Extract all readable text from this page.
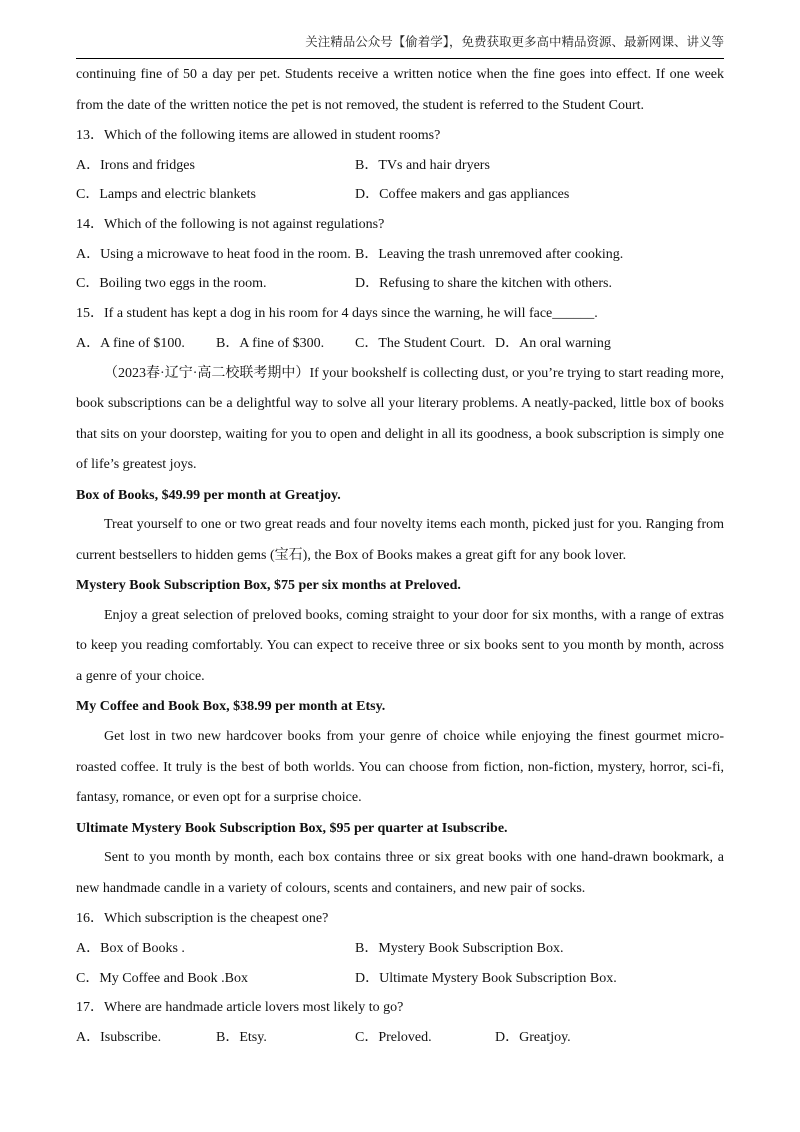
关注精品公众号【偷着学】，免费获取更多高中精品资源、最新网课、讲义等

continuing fine of 50 a day per pet. Students receive a written notice when the fine goes into effect. If one week from the date of the written notice the pet is not removed, the student is referred to the Student Court.

13．Which of the following items are allowed in student rooms?
A．Irons and fridges	B．TVs and hair dryers
C．Lamps and electric blankets	D．Coffee makers and gas appliances
14．Which of the following is not against regulations?
A．Using a microwave to heat food in the room. B．Leaving the trash unremoved after cooking.
C．Boiling two eggs in the room.	D．Refusing to share the kitchen with others.
15．If a student has kept a dog in his room for 4 days since the warning, he will face______.
A．A fine of $100. B．A fine of $300. C．The Student Court. D．An oral warning

（2023春·辽宁·高二校联考期中）If your bookshelf is collecting dust, or you’re trying to start reading more, book subscriptions can be a delightful way to solve all your literary problems. A neatly-packed, little box of books that sits on your doorstep, waiting for you to open and delight in all its goodness, a book subscription is simply one of life’s greatest joys.

Box of Books, $49.99 per month at Greatjoy.

Treat yourself to one or two great reads and four novelty items each month, picked just for you. Ranging from current bestsellers to hidden gems (宝石), the Box of Books makes a great gift for any book lover.

Mystery Book Subscription Box, $75 per six months at Preloved.

Enjoy a great selection of preloved books, coming straight to your door for six months, with a range of extras to keep you reading comfortably. You can expect to receive three or six books sent to you month by month, across a genre of your choice.

My Coffee and Book Box, $38.99 per month at Etsy.

Get lost in two new hardcover books from your genre of choice while enjoying the finest gourmet micro-roasted coffee. It truly is the best of both worlds. You can choose from fiction, non-fiction, mystery, horror, sci-fi, fantasy, romance, or even opt for a surprise choice.

Ultimate Mystery Book Subscription Box, $95 per quarter at Isubscribe.

Sent to you month by month, each box contains three or six great books with one hand-drawn bookmark, a new handmade candle in a variety of colours, scents and containers, and new pair of socks.

16．Which subscription is the cheapest one?
A．Box of Books .	B．Mystery Book Subscription Box.
C．My Coffee and Book .Box	D．Ultimate Mystery Book Subscription Box.
17．Where are handmade article lovers most likely to go?
A．Isubscribe.	B．Etsy.	C．Preloved.	D．Greatjoy.
